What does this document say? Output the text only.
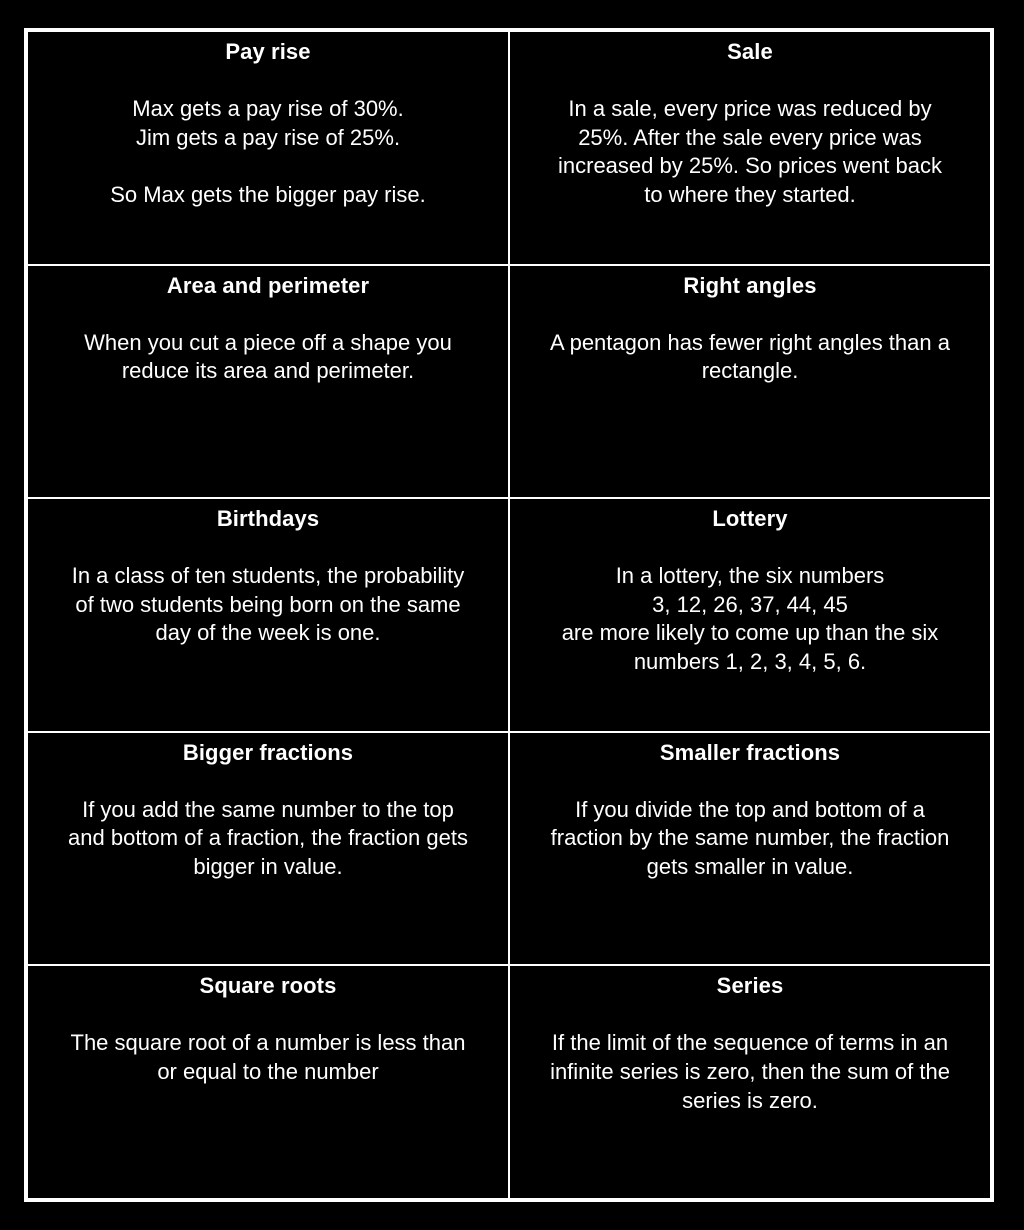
Pay rise
Max gets a pay rise of 30%.
Jim gets a pay rise of 25%.

So Max gets the bigger pay rise.
Sale
In a sale, every price was reduced by
25%. After the sale every price was
increased by 25%. So prices went back
to where they started.
Area and perimeter
When you cut a piece off a shape you
reduce its area and perimeter.
Right angles
A pentagon has fewer right angles than a
rectangle.
Birthdays
In a class of ten students, the probability
of two students being born on the same
day of the week is one.
Lottery
In a lottery, the six numbers
3, 12, 26, 37, 44, 45
are more likely to come up than the six
numbers 1, 2, 3, 4, 5, 6.
Bigger fractions
If you add the same number to the top
and bottom of a fraction, the fraction gets
bigger in value.
Smaller fractions
If you divide the top and bottom of a
fraction by the same number, the fraction
gets smaller in value.
Square roots
The square root of a number is less than
or equal to the number
Series
If the limit of the sequence of terms in an
infinite series is zero, then the sum of the
series is zero.
